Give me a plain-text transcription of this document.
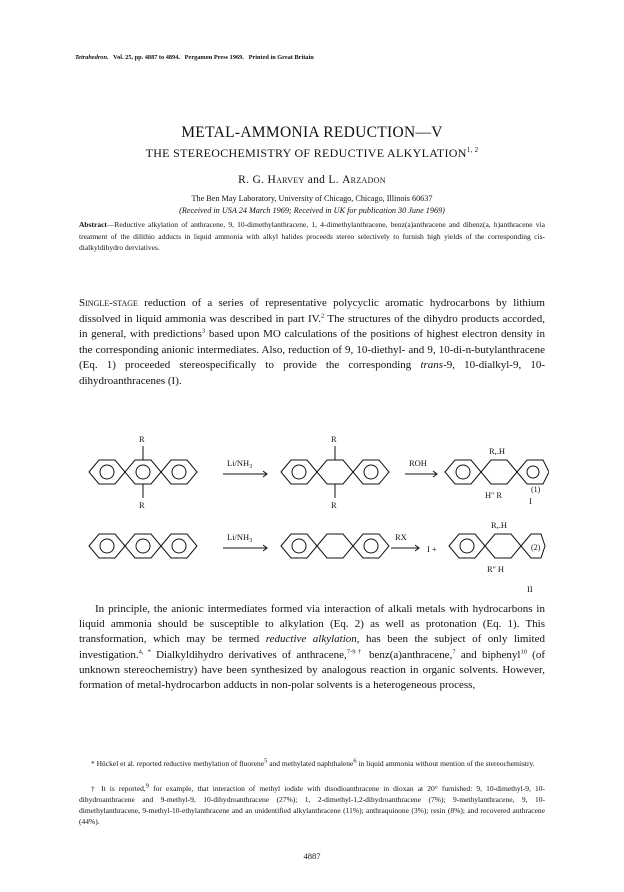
Tetrahedron. Vol. 25, pp. 4887 to 4894. Pergamon Press 1969. Printed in Great Britain
METAL-AMMONIA REDUCTION—V
THE STEREOCHEMISTRY OF REDUCTIVE ALKYLATION$^{1, 2}$
R. G. Harvey and L. Arzadon
The Ben May Laboratory, University of Chicago, Chicago, Illinois 60637
(Received in USA 24 March 1969; Received in UK for publication 30 June 1969)
Abstract—Reductive alkylation of anthracene, 9, 10-dimethylanthracene, 1, 4-dimethylanthracene, benz(a)anthracene and dibenz(a, h)anthracene via treatment of the dilithio adducts in liquid ammonia with alkyl halides proceeds stereo selectively to furnish high yields of the corresponding cis-dialkyldihydro derviatives.
Single-stage reduction of a series of representative polycyclic aromatic hydrocarbons by lithium dissolved in liquid ammonia was described in part IV.$^2$ The structures of the dihydro products accorded, in general, with predictions$^3$ based upon MO calculations of the positions of highest electron density in the corresponding anionic intermediates. Also, reduction of 9, 10-diethyl- and 9, 10-di-n-butylanthracene (Eq. 1) proceeded stereospecifically to provide the corresponding trans-9, 10-dialkyl-9, 10-dihydroanthracenes (I).
R
R
$Li/NH_3$
R
R
ROH
R,.H
H'' R
I
$Li/NH_3$	RX
I +
R,.H
R'' H
II
(1)
(2)
In principle, the anionic intermediates formed via interaction of alkali metals with hydrocarbons in liquid ammonia should be susceptible to alkylation (Eq. 2) as well as protonation (Eq. 1). This transformation, which may be termed reductive alkylation, has been the subject of only limited investigation.$^{4, *}$ Dialkyldihydro derivatives of anthracene,$^{7-9\dagger}$ benz(a)anthracene,$^7$ and biphenyl$^{10}$ (of unknown stereochemistry) have been synthesized by analogous reaction in organic solvents. However, formation of metal-hydrocarbon adducts in non-polar solvents is a heterogeneous process,
* Hückel et al. reported reductive methylation of fluorene$^5$ and methylated naphthalene$^6$ in liquid ammonia without mention of the stereochemistry.
† It is reported,$^9$ for example, that interaction of methyl iodide with disodioanthracene in dioxan at 20° furnished: 9, 10-dimethyl-9, 10-dihydroanthracene and 9-methyl-9, 10-dihydroanthracene (27%); 1, 2-dimethyl-1,2-dihydroanthracene (7%); 9-methylanthracene, 9, 10-dimethylanthracene, 9-methyl-10-ethylanthracene and an unidentified alkylanthracene (11%); anthraquinone (3%); resin (8%); and recovered anthracene (44%).
4887
